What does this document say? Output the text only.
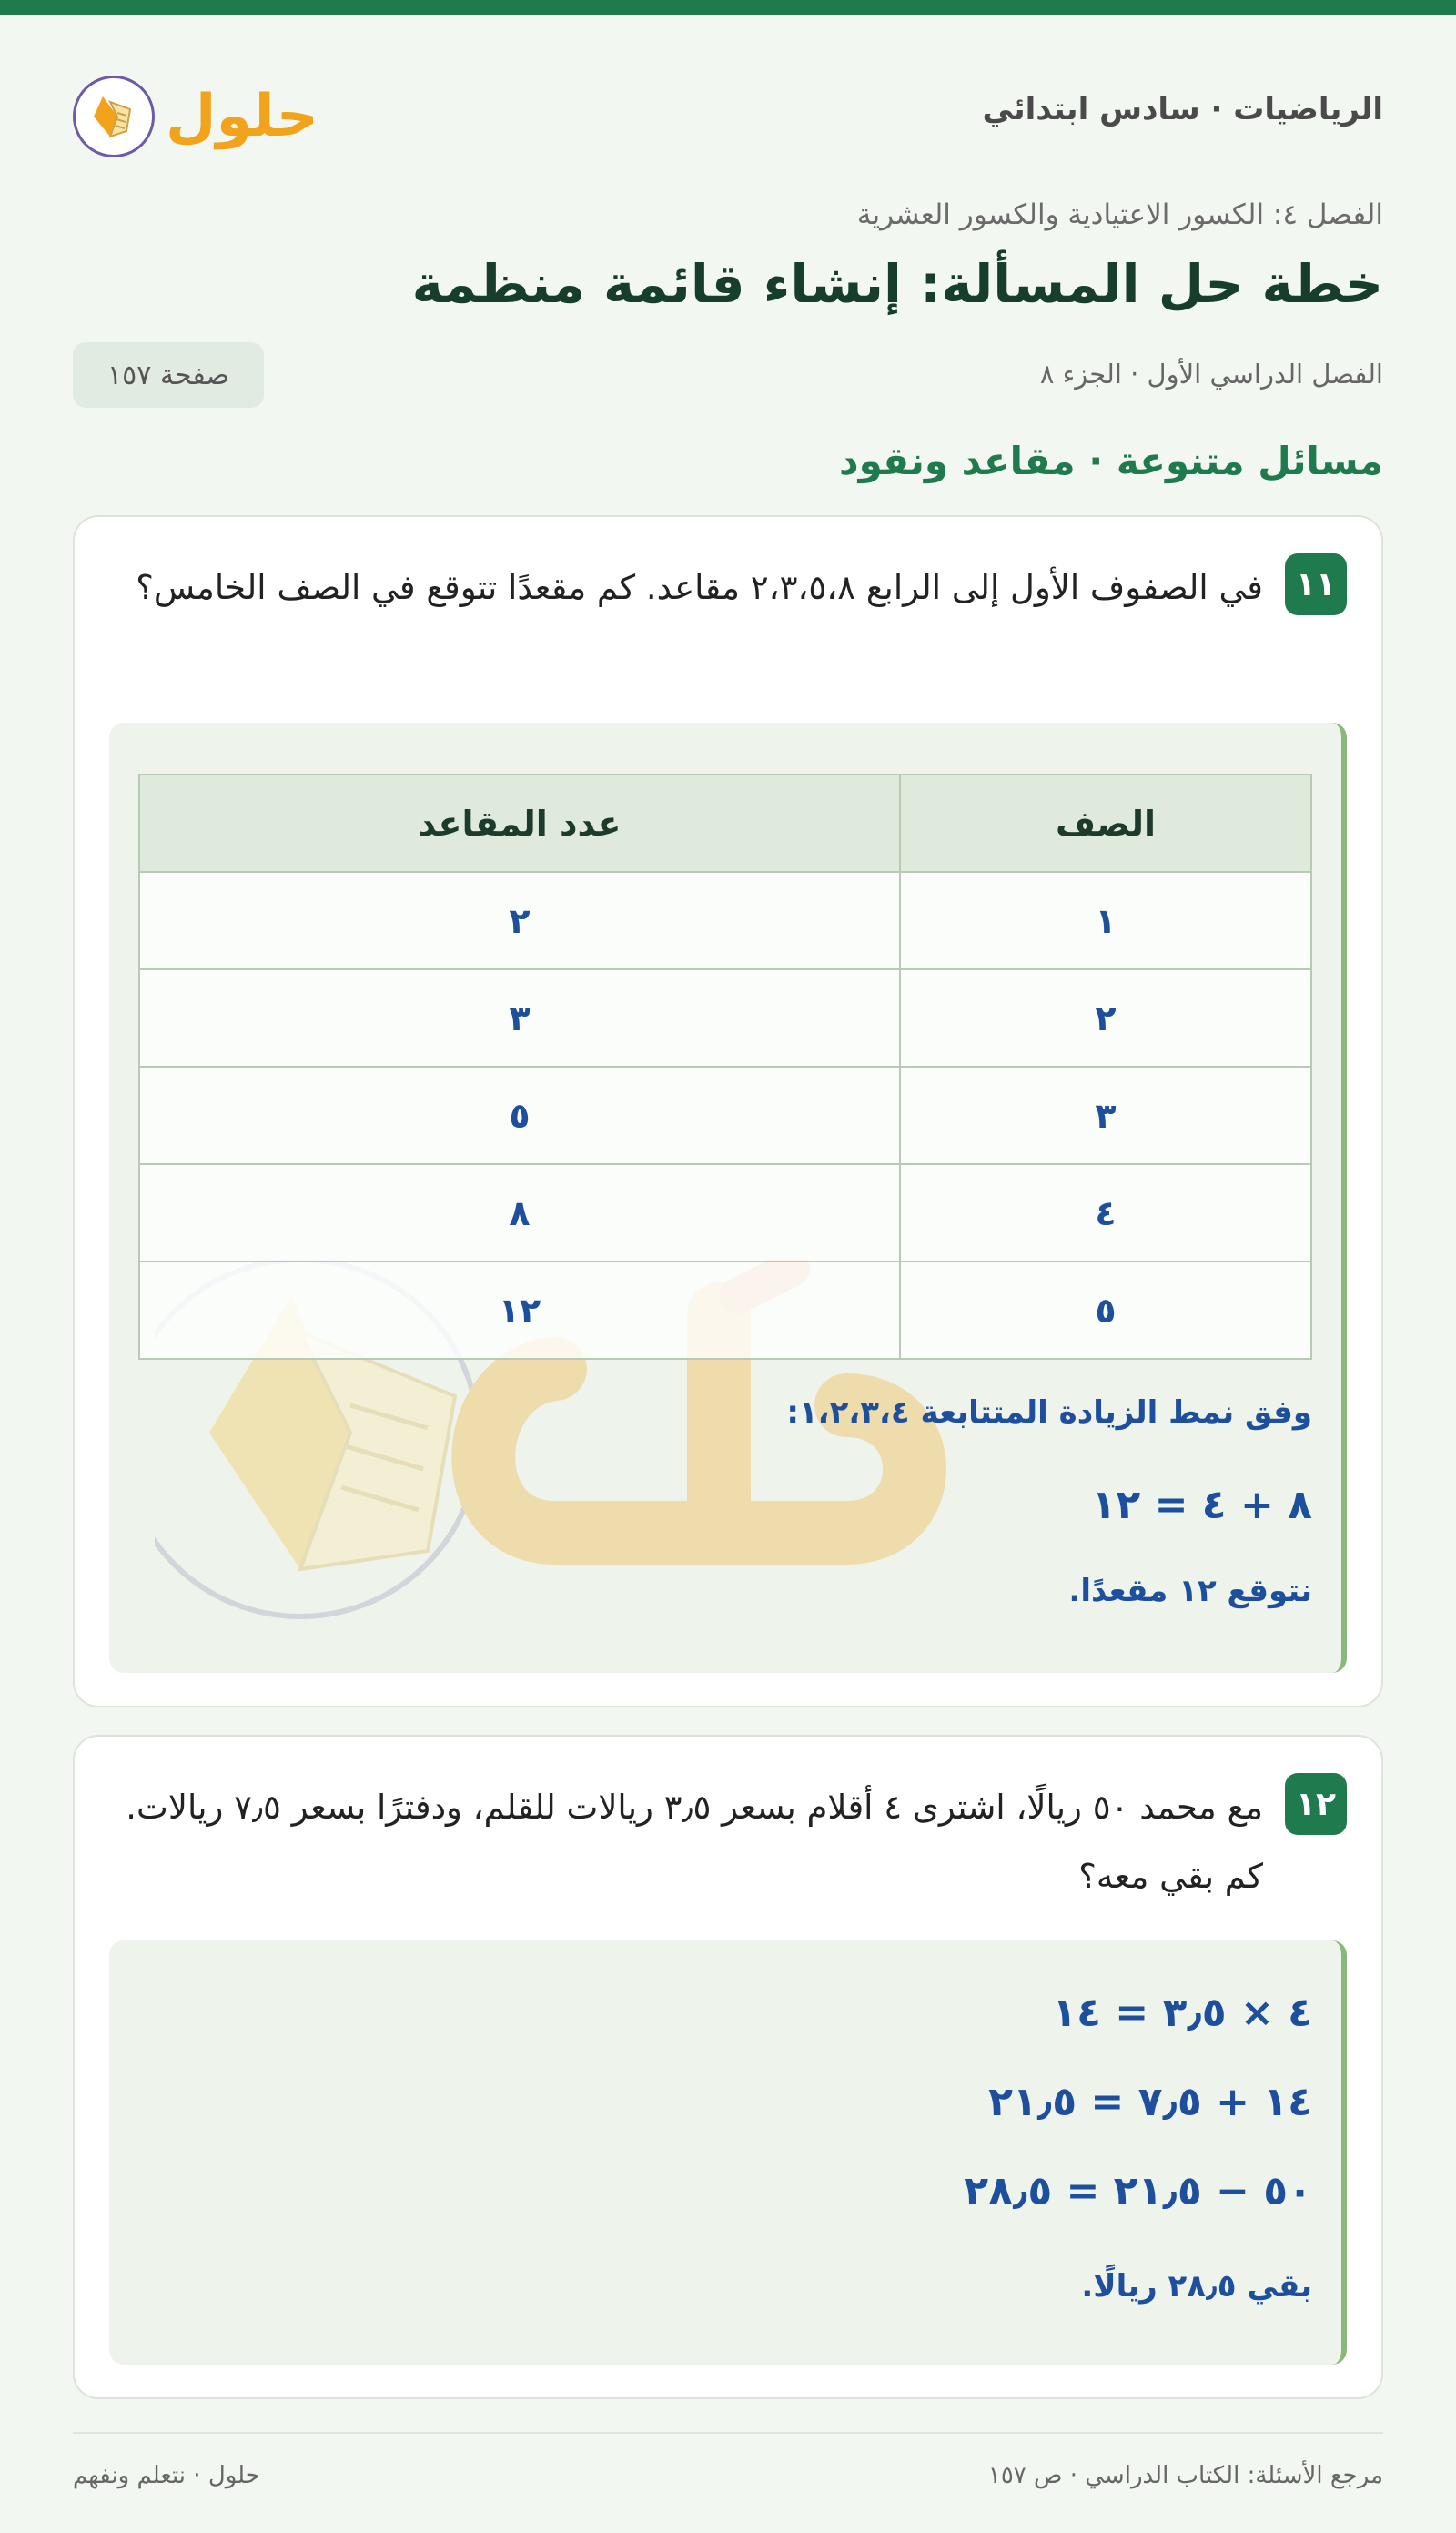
حلول	الرياضيات · سادس ابتدائي
الفصل ٤: الكسور الاعتيادية والكسور العشرية
خطة حل المسألة: إنشاء قائمة منظمة
الفصل الدراسي الأول · الجزء ٨
صفحة ١٥٧
مسائل متنوعة · مقاعد ونقود
١١

في الصفوف الأول إلى الرابع ٢،٣،٥،٨ مقاعد. كم مقعدًا تتوقع في الصف الخامس؟

الصف	عدد المقاعد
١	٢
٢	٣
٣	٥
٤	٨
٥	١٢
وفق نمط الزيادة المتتابعة ١،٢،٣،٤:
٨ + ٤ = ١٢
نتوقع ١٢ مقعدًا.
١٢

مع محمد ٥٠ ريالًا، اشترى ٤ أقلام بسعر ٣٫٥ ريالات للقلم، ودفترًا بسعر ٧٫٥ ريالات. كم بقي معه؟

٤ × ٣٫٥ = ١٤
١٤ + ٧٫٥ = ٢١٫٥
٥٠ − ٢١٫٥ = ٢٨٫٥
بقي ٢٨٫٥ ريالًا.
مرجع الأسئلة: الكتاب الدراسي · ص ١٥٧
حلول · نتعلم ونفهم
